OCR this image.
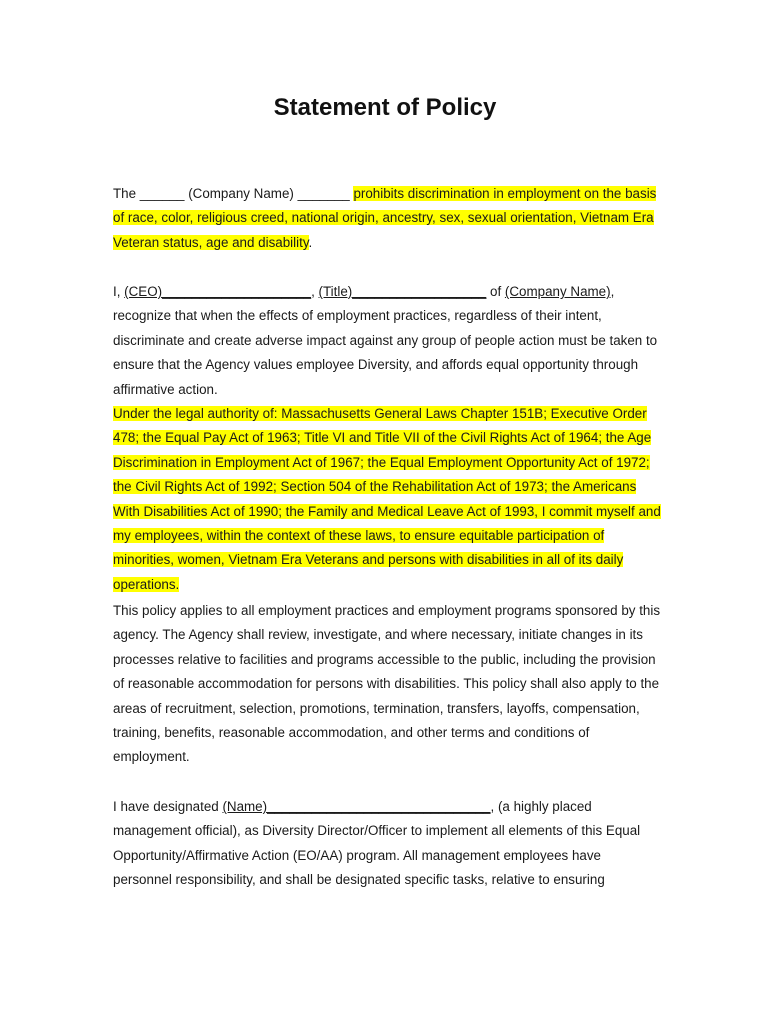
Statement of Policy

The ______ (Company Name) _______ prohibits discrimination in employment on the basis of race, color, religious creed, national origin, ancestry, sex, sexual orientation, Vietnam Era Veteran status, age and disability.

I, (CEO)____________________, (Title)__________________ of (Company Name), recognize that when the effects of employment practices, regardless of their intent, discriminate and create adverse impact against any group of people action must be taken to ensure that the Agency values employee Diversity, and affords equal opportunity through affirmative action.

Under the legal authority of: Massachusetts General Laws Chapter 151B; Executive Order 478; the Equal Pay Act of 1963; Title VI and Title VII of the Civil Rights Act of 1964; the Age Discrimination in Employment Act of 1967; the Equal Employment Opportunity Act of 1972; the Civil Rights Act of 1992; Section 504 of the Rehabilitation Act of 1973; the Americans With Disabilities Act of 1990; the Family and Medical Leave Act of 1993, I commit myself and my employees, within the context of these laws, to ensure equitable participation of minorities, women, Vietnam Era Veterans and persons with disabilities in all of its daily operations.

This policy applies to all employment practices and employment programs sponsored by this agency. The Agency shall review, investigate, and where necessary, initiate changes in its processes relative to facilities and programs accessible to the public, including the provision of reasonable accommodation for persons with disabilities. This policy shall also apply to the areas of recruitment, selection, promotions, termination, transfers, layoffs, compensation, training, benefits, reasonable accommodation, and other terms and conditions of employment.

I have designated (Name)______________________________, (a highly placed management official), as Diversity Director/Officer to implement all elements of this Equal Opportunity/Affirmative Action (EO/AA) program. All management employees have personnel responsibility, and shall be designated specific tasks, relative to ensuring
